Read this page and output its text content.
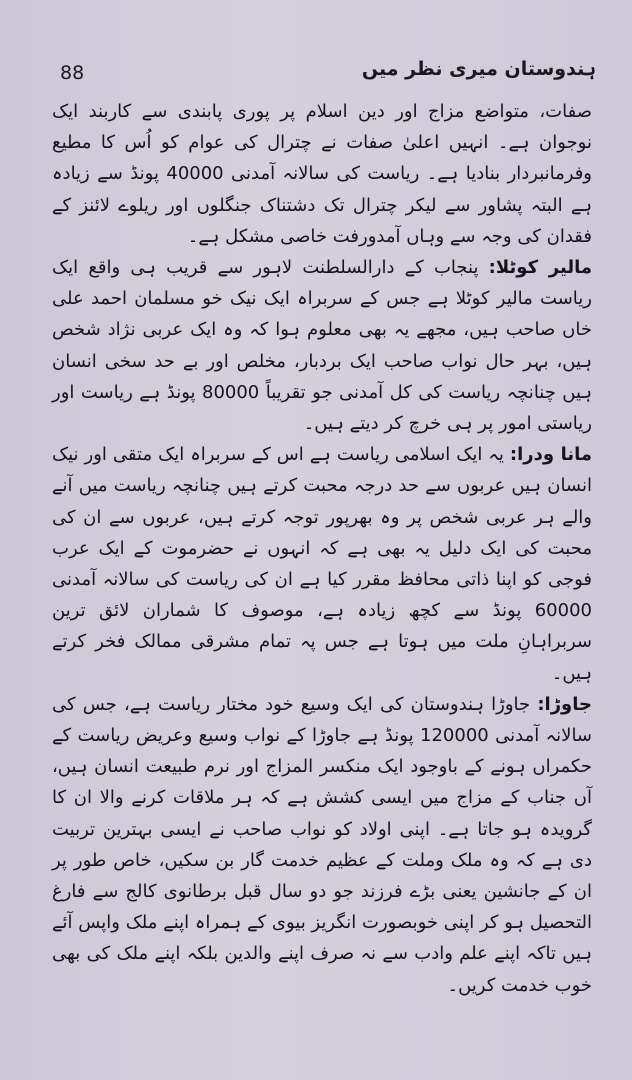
88	ہندوستان میری نظر میں

صفات، متواضع مزاج اور دین اسلام پر پوری پابندی سے کاربند ایک نوجوان ہے۔ انہیں اعلیٰ صفات نے چترال کی عوام کو اُس کا مطیع وفرمانبردار بنادیا ہے۔ ریاست کی سالانہ آمدنی 40000 پونڈ سے زیادہ ہے البتہ پشاور سے لیکر چترال تک دشتناک جنگلوں اور ریلوے لائنز کے فقدان کی وجہ سے وہاں آمدورفت خاصی مشکل ہے۔

مالیر کوٹلا: پنجاب کے دارالسلطنت لاہور سے قریب ہی واقع ایک ریاست مالیر کوٹلا ہے جس کے سربراہ ایک نیک خو مسلمان احمد علی خاں صاحب ہیں، مجھے یہ بھی معلوم ہوا کہ وہ ایک عربی نژاد شخص ہیں، بہر حال نواب صاحب ایک بردبار، مخلص اور بے حد سخی انسان ہیں چنانچہ ریاست کی کل آمدنی جو تقریباً 80000 پونڈ ہے ریاست اور ریاستی امور پر ہی خرچ کر دیتے ہیں۔

مانا ودرا: یہ ایک اسلامی ریاست ہے اس کے سربراہ ایک متقی اور نیک انسان ہیں عربوں سے حد درجہ محبت کرتے ہیں چنانچہ ریاست میں آنے والے ہر عربی شخص پر وہ بھرپور توجہ کرتے ہیں، عربوں سے ان کی محبت کی ایک دلیل یہ بھی ہے کہ انہوں نے حضرموت کے ایک عرب فوجی کو اپنا ذاتی محافظ مقرر کیا ہے ان کی ریاست کی سالانہ آمدنی 60000 پونڈ سے کچھ زیادہ ہے، موصوف کا شماران لائق ترین سربراہانِ ملت میں ہوتا ہے جس پہ تمام مشرقی ممالک فخر کرتے ہیں۔

جاوڑا: جاوڑا ہندوستان کی ایک وسیع خود مختار ریاست ہے، جس کی سالانہ آمدنی 120000 پونڈ ہے جاوڑا کے نواب وسیع وعریض ریاست کے حکمراں ہونے کے باوجود ایک منکسر المزاج اور نرم طبیعت انسان ہیں، آں جناب کے مزاج میں ایسی کشش ہے کہ ہر ملاقات کرنے والا ان کا گرویدہ ہو جاتا ہے۔ اپنی اولاد کو نواب صاحب نے ایسی بہترین تربیت دی ہے کہ وہ ملک وملت کے عظیم خدمت گار بن سکیں، خاص طور پر ان کے جانشین یعنی بڑے فرزند جو دو سال قبل برطانوی کالج سے فارغ التحصیل ہو کر اپنی خوبصورت انگریز بیوی کے ہمراہ اپنے ملک واپس آئے ہیں تاکہ اپنے علم وادب سے نہ صرف اپنے والدین بلکہ اپنے ملک کی بھی خوب خدمت کریں۔
